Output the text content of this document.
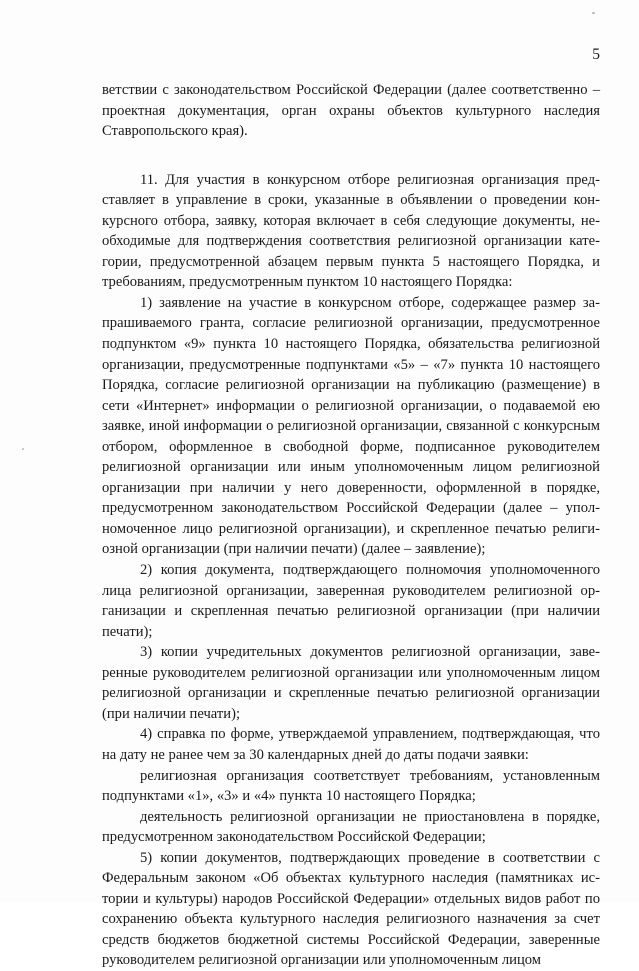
5

ветствии с законодательством Российской Федерации (далее соответственно – проектная документация, орган охраны объектов культурного наследия Ставропольского края).

11. Для участия в конкурсном отборе религиозная организация представляет в управление в сроки, указанные в объявлении о проведении конкурсного отбора, заявку, которая включает в себя следующие документы, необходимые для подтверждения соответствия религиозной организации категории, предусмотренной абзацем первым пункта 5 настоящего Порядка, и требованиям, предусмотренным пунктом 10 настоящего Порядка:

1) заявление на участие в конкурсном отборе, содержащее размер запрашиваемого гранта, согласие религиозной организации, предусмотренное подпунктом «9» пункта 10 настоящего Порядка, обязательства религиозной организации, предусмотренные подпунктами «5» – «7» пункта 10 настоящего Порядка, согласие религиозной организации на публикацию (размещение) в сети «Интернет» информации о религиозной организации, о подаваемой ею заявке, иной информации о религиозной организации, связанной с конкурсным отбором, оформленное в свободной форме, подписанное руководителем религиозной организации или иным уполномоченным лицом религиозной организации при наличии у него доверенности, оформленной в порядке, предусмотренном законодательством Российской Федерации (далее – уполномоченное лицо религиозной организации), и скрепленное печатью религиозной организации (при наличии печати) (далее – заявление);

2) копия документа, подтверждающего полномочия уполномоченного лица религиозной организации, заверенная руководителем религиозной организации и скрепленная печатью религиозной организации (при наличии печати);

3) копии учредительных документов религиозной организации, заверенные руководителем религиозной организации или уполномоченным лицом религиозной организации и скрепленные печатью религиозной организации (при наличии печати);

4) справка по форме, утверждаемой управлением, подтверждающая, что на дату не ранее чем за 30 календарных дней до даты подачи заявки:

религиозная организация соответствует требованиям, установленным подпунктами «1», «3» и «4» пункта 10 настоящего Порядка;

деятельность религиозной организации не приостановлена в порядке, предусмотренном законодательством Российской Федерации;

5) копии документов, подтверждающих проведение в соответствии с Федеральным законом «Об объектах культурного наследия (памятниках истории и культуры) народов Российской Федерации» отдельных видов работ по сохранению объекта культурного наследия религиозного назначения за счет средств бюджетов бюджетной системы Российской Федерации, заверенные руководителем религиозной организации или уполномоченным лицом
